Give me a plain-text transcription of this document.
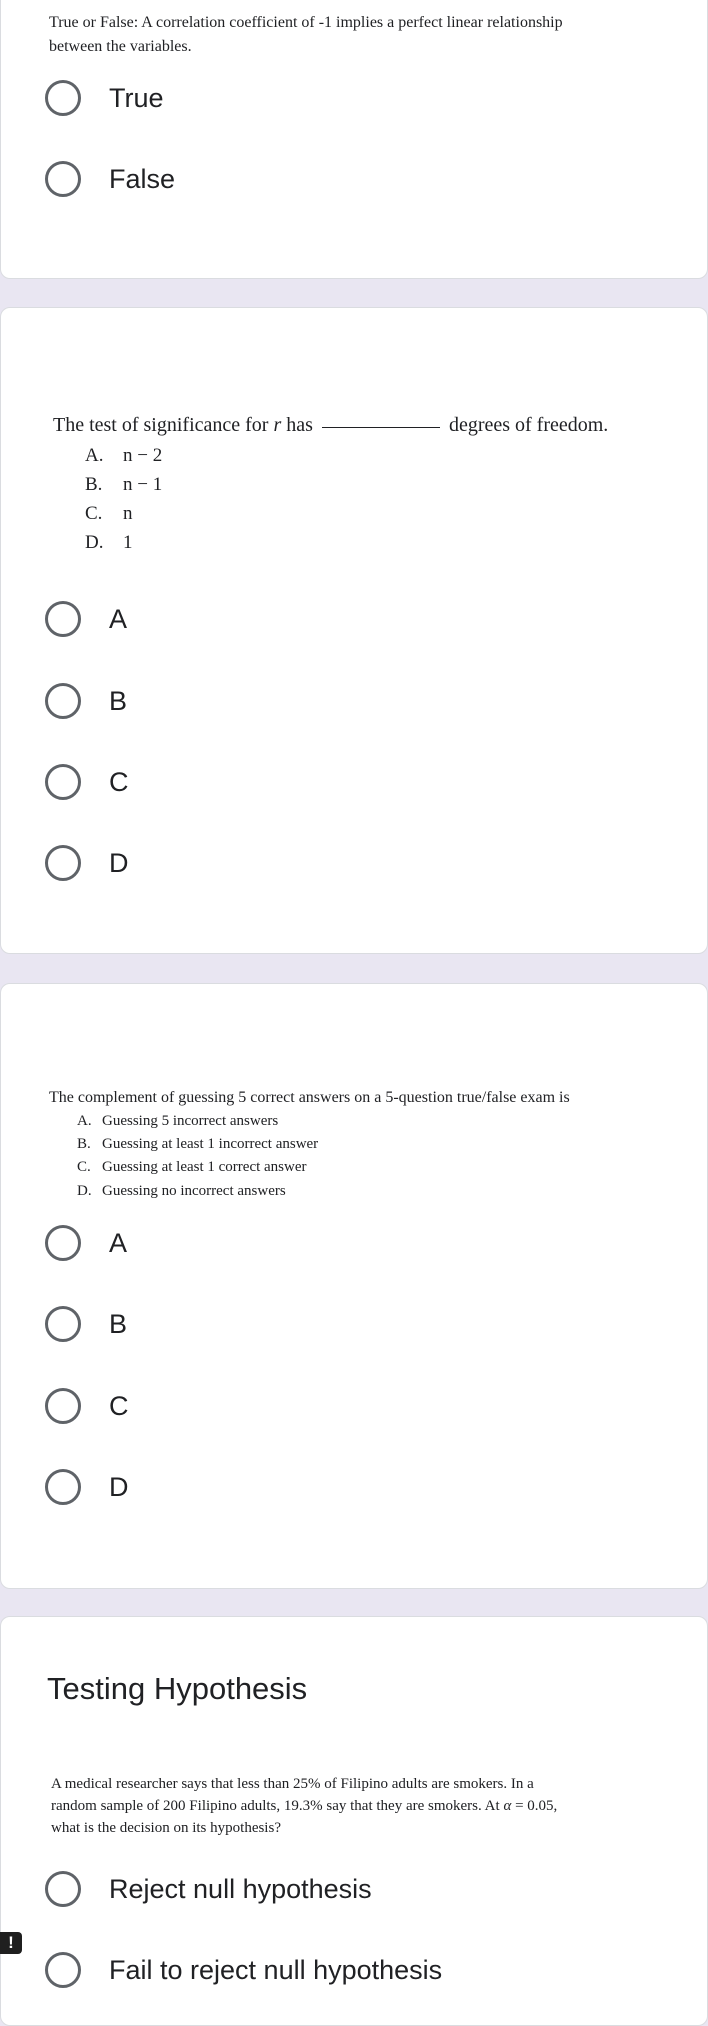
True or False: A correlation coefficient of -1 implies a perfect linear relationship
between the variables.
True
False
The test of significance for r has	degrees of freedom.
A. n − 2
B. n − 1
C. n
D. 1
A
B
C
D
The complement of guessing 5 correct answers on a 5-question true/false exam is
A. Guessing 5 incorrect answers
B. Guessing at least 1 incorrect answer
C. Guessing at least 1 correct answer
D. Guessing no incorrect answers
A
B
C
D
Testing Hypothesis
A medical researcher says that less than 25% of Filipino adults are smokers. In a
random sample of 200 Filipino adults, 19.3% say that they are smokers. At α = 0.05,
what is the decision on its hypothesis?
Reject null hypothesis
Fail to reject null hypothesis
!
